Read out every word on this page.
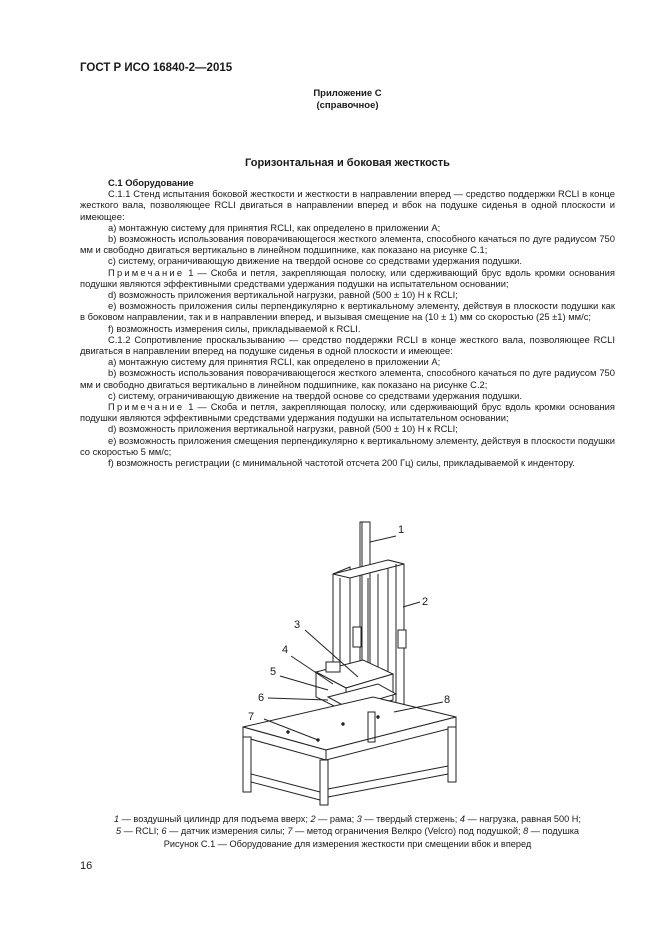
ГОСТ Р ИСО 16840-2—2015
Приложение С
(справочное)
Горизонтальная и боковая жесткость

С.1 Оборудование

С.1.1 Стенд испытания боковой жесткости и жесткости в направлении вперед — средство поддержки RCLI в конце жесткого вала, позволяющее RCLI двигаться в направлении вперед и вбок на подушке сиденья в одной плоскости и имеющее:

а) монтажную систему для принятия RCLI, как определено в приложении А;

b) возможность использования поворачивающегося жесткого элемента, способного качаться по дуге радиусом 750 мм и свободно двигаться вертикально в линейном подшипнике, как показано на рисунке С.1;

с) систему, ограничивающую движение на твердой основе со средствами удержания подушки.

Примечание 1 — Скоба и петля, закрепляющая полоску, или сдерживающий брус вдоль кромки основания подушки являются эффективными средствами удержания подушки на испытательном основании;

d) возможность приложения вертикальной нагрузки, равной (500 ± 10) Н к RCLI;

е) возможность приложения силы перпендикулярно к вертикальному элементу, действуя в плоскости подушки как в боковом направлении, так и в направлении вперед, и вызывая смещение на (10 ± 1) мм со скоростью (25 ±1) мм/с;

f) возможность измерения силы, прикладываемой к RCLI.

С.1.2 Сопротивление проскальзыванию — средство поддержки RCLI в конце жесткого вала, позволяющее RCLI двигаться в направлении вперед на подушке сиденья в одной плоскости и имеющее:

а) монтажную систему для принятия RCLI, как определено в приложении А;

b) возможность использования поворачивающегося жесткого элемента, способного качаться по дуге радиусом 750 мм и свободно двигаться вертикально в линейном подшипнике, как показано на рисунке С.2;

с) систему, ограничивающую движение на твердой основе со средствами удержания подушки.

Примечание 1 — Скоба и петля, закрепляющая полоску, или сдерживающий брус вдоль кромки основания подушки являются эффективными средствами удержания подушки на испытательном основании;

d) возможность приложения вертикальной нагрузки, равной (500 ± 10) Н к RCLI;

е) возможность приложения смещения перпендикулярно к вертикальному элементу, действуя в плоскости подушки со скоростью 5 мм/с;

f) возможность регистрации (с минимальной частотой отсчета 200 Гц) силы, прикладываемой к индентору.

1
2
3
4
5
6
7
8
1 — воздушный цилиндр для подъема вверх; 2 — рама; 3 — твердый стержень; 4 — нагрузка, равная 500 Н;
5 — RCLI; 6 — датчик измерения силы; 7 — метод ограничения Велкро (Velcro) под подушкой; 8 — подушка
Рисунок С.1 — Оборудование для измерения жесткости при смещении вбок и вперед
16
